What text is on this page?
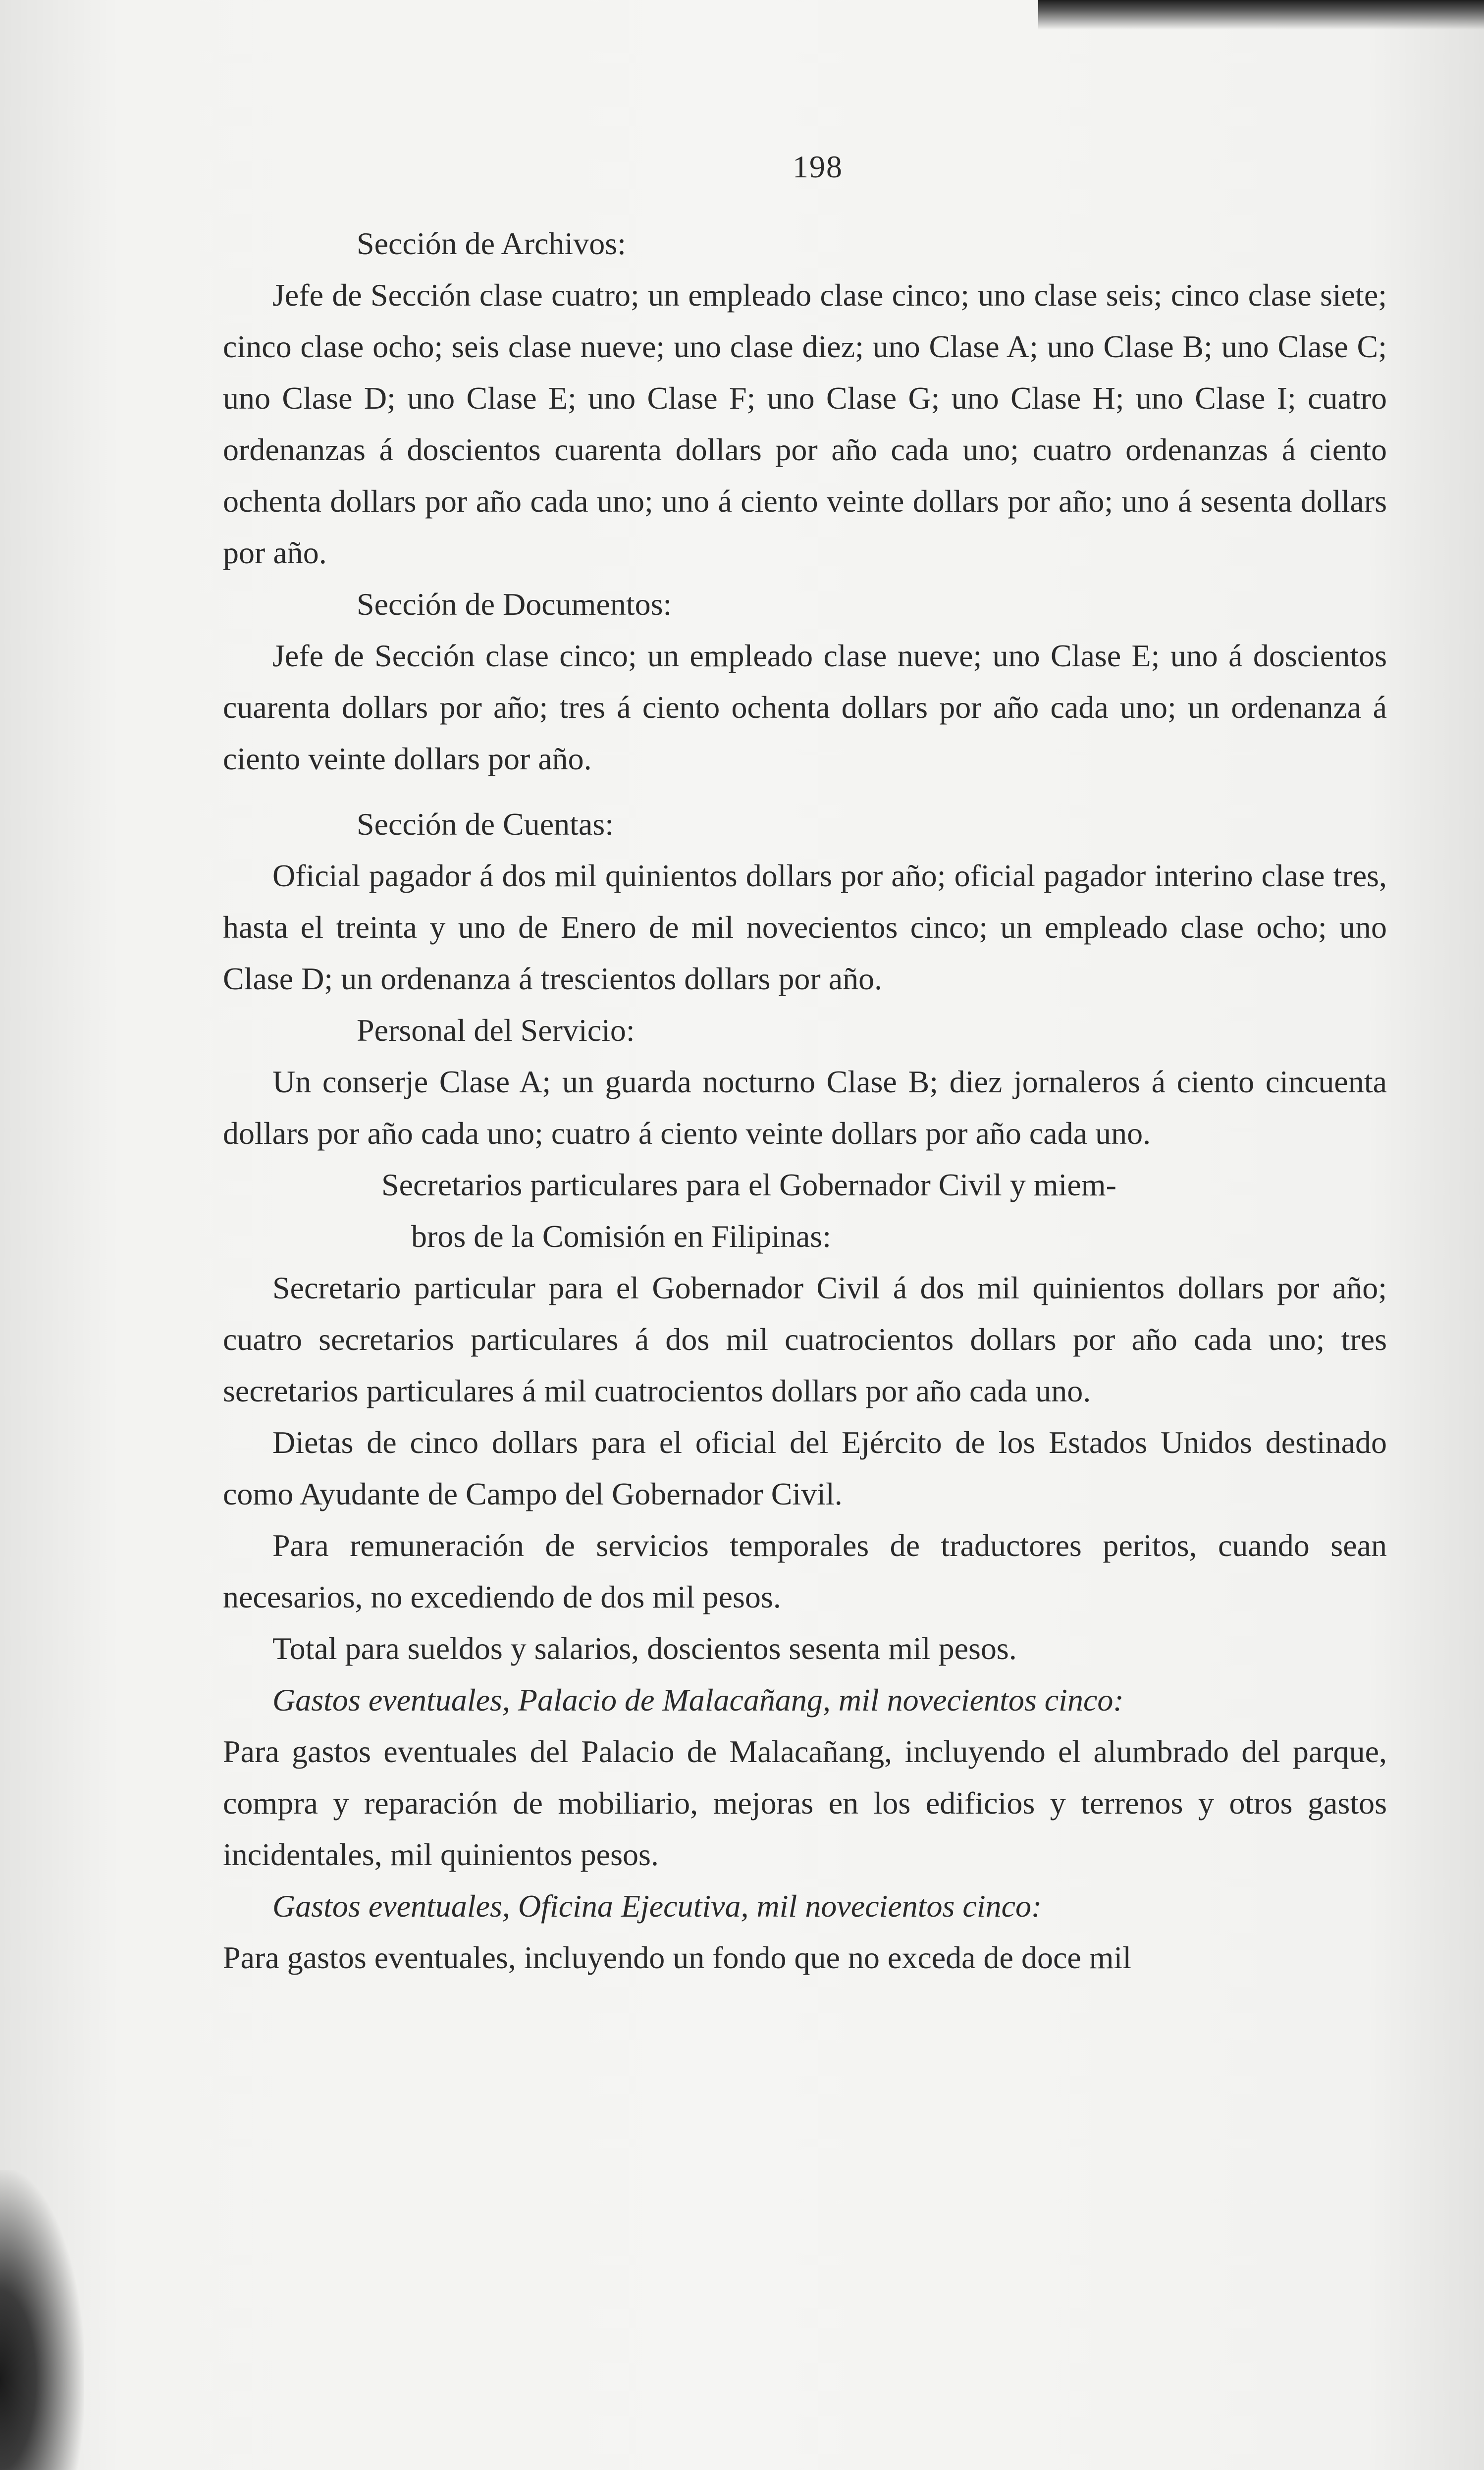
198

Sección de Archivos:

Jefe de Sección clase cuatro; un empleado clase cinco; uno clase seis; cinco clase siete; cinco clase ocho; seis clase nueve; uno clase diez; uno Clase A; uno Clase B; uno Clase C; uno Clase D; uno Clase E; uno Clase F; uno Clase G; uno Clase H; uno Clase I; cuatro ordenanzas á doscientos cuarenta dollars por año cada uno; cuatro ordenanzas á ciento ochenta dollars por año cada uno; uno á ciento veinte dollars por año; uno á sesenta dollars por año.

Sección de Documentos:

Jefe de Sección clase cinco; un empleado clase nueve; uno Clase E; uno á doscientos cuarenta dollars por año; tres á ciento ochenta dollars por año cada uno; un ordenanza á ciento veinte dollars por año.

Sección de Cuentas:

Oficial pagador á dos mil quinientos dollars por año; oficial pagador interino clase tres, hasta el treinta y uno de Enero de mil novecientos cinco; un empleado clase ocho; uno Clase D; un ordenanza á trescientos dollars por año.

Personal del Servicio:

Un conserje Clase A; un guarda nocturno Clase B; diez jornaleros á ciento cincuenta dollars por año cada uno; cuatro á ciento veinte dollars por año cada uno.

Secretarios particulares para el Gobernador Civil y miem-
bros de la Comisión en Filipinas:

Secretario particular para el Gobernador Civil á dos mil quinientos dollars por año; cuatro secretarios particulares á dos mil cuatrocientos dollars por año cada uno; tres secretarios particulares á mil cuatrocientos dollars por año cada uno.

Dietas de cinco dollars para el oficial del Ejército de los Estados Unidos destinado como Ayudante de Campo del Gobernador Civil.

Para remuneración de servicios temporales de traductores peritos, cuando sean necesarios, no excediendo de dos mil pesos.

Total para sueldos y salarios, doscientos sesenta mil pesos.

Gastos eventuales, Palacio de Malacañang, mil novecientos cinco:

Para gastos eventuales del Palacio de Malacañang, incluyendo el alumbrado del parque, compra y reparación de mobiliario, mejoras en los edificios y terrenos y otros gastos incidentales, mil quinientos pesos.

Gastos eventuales, Oficina Ejecutiva, mil novecientos cinco:

Para gastos eventuales, incluyendo un fondo que no exceda de doce mil
